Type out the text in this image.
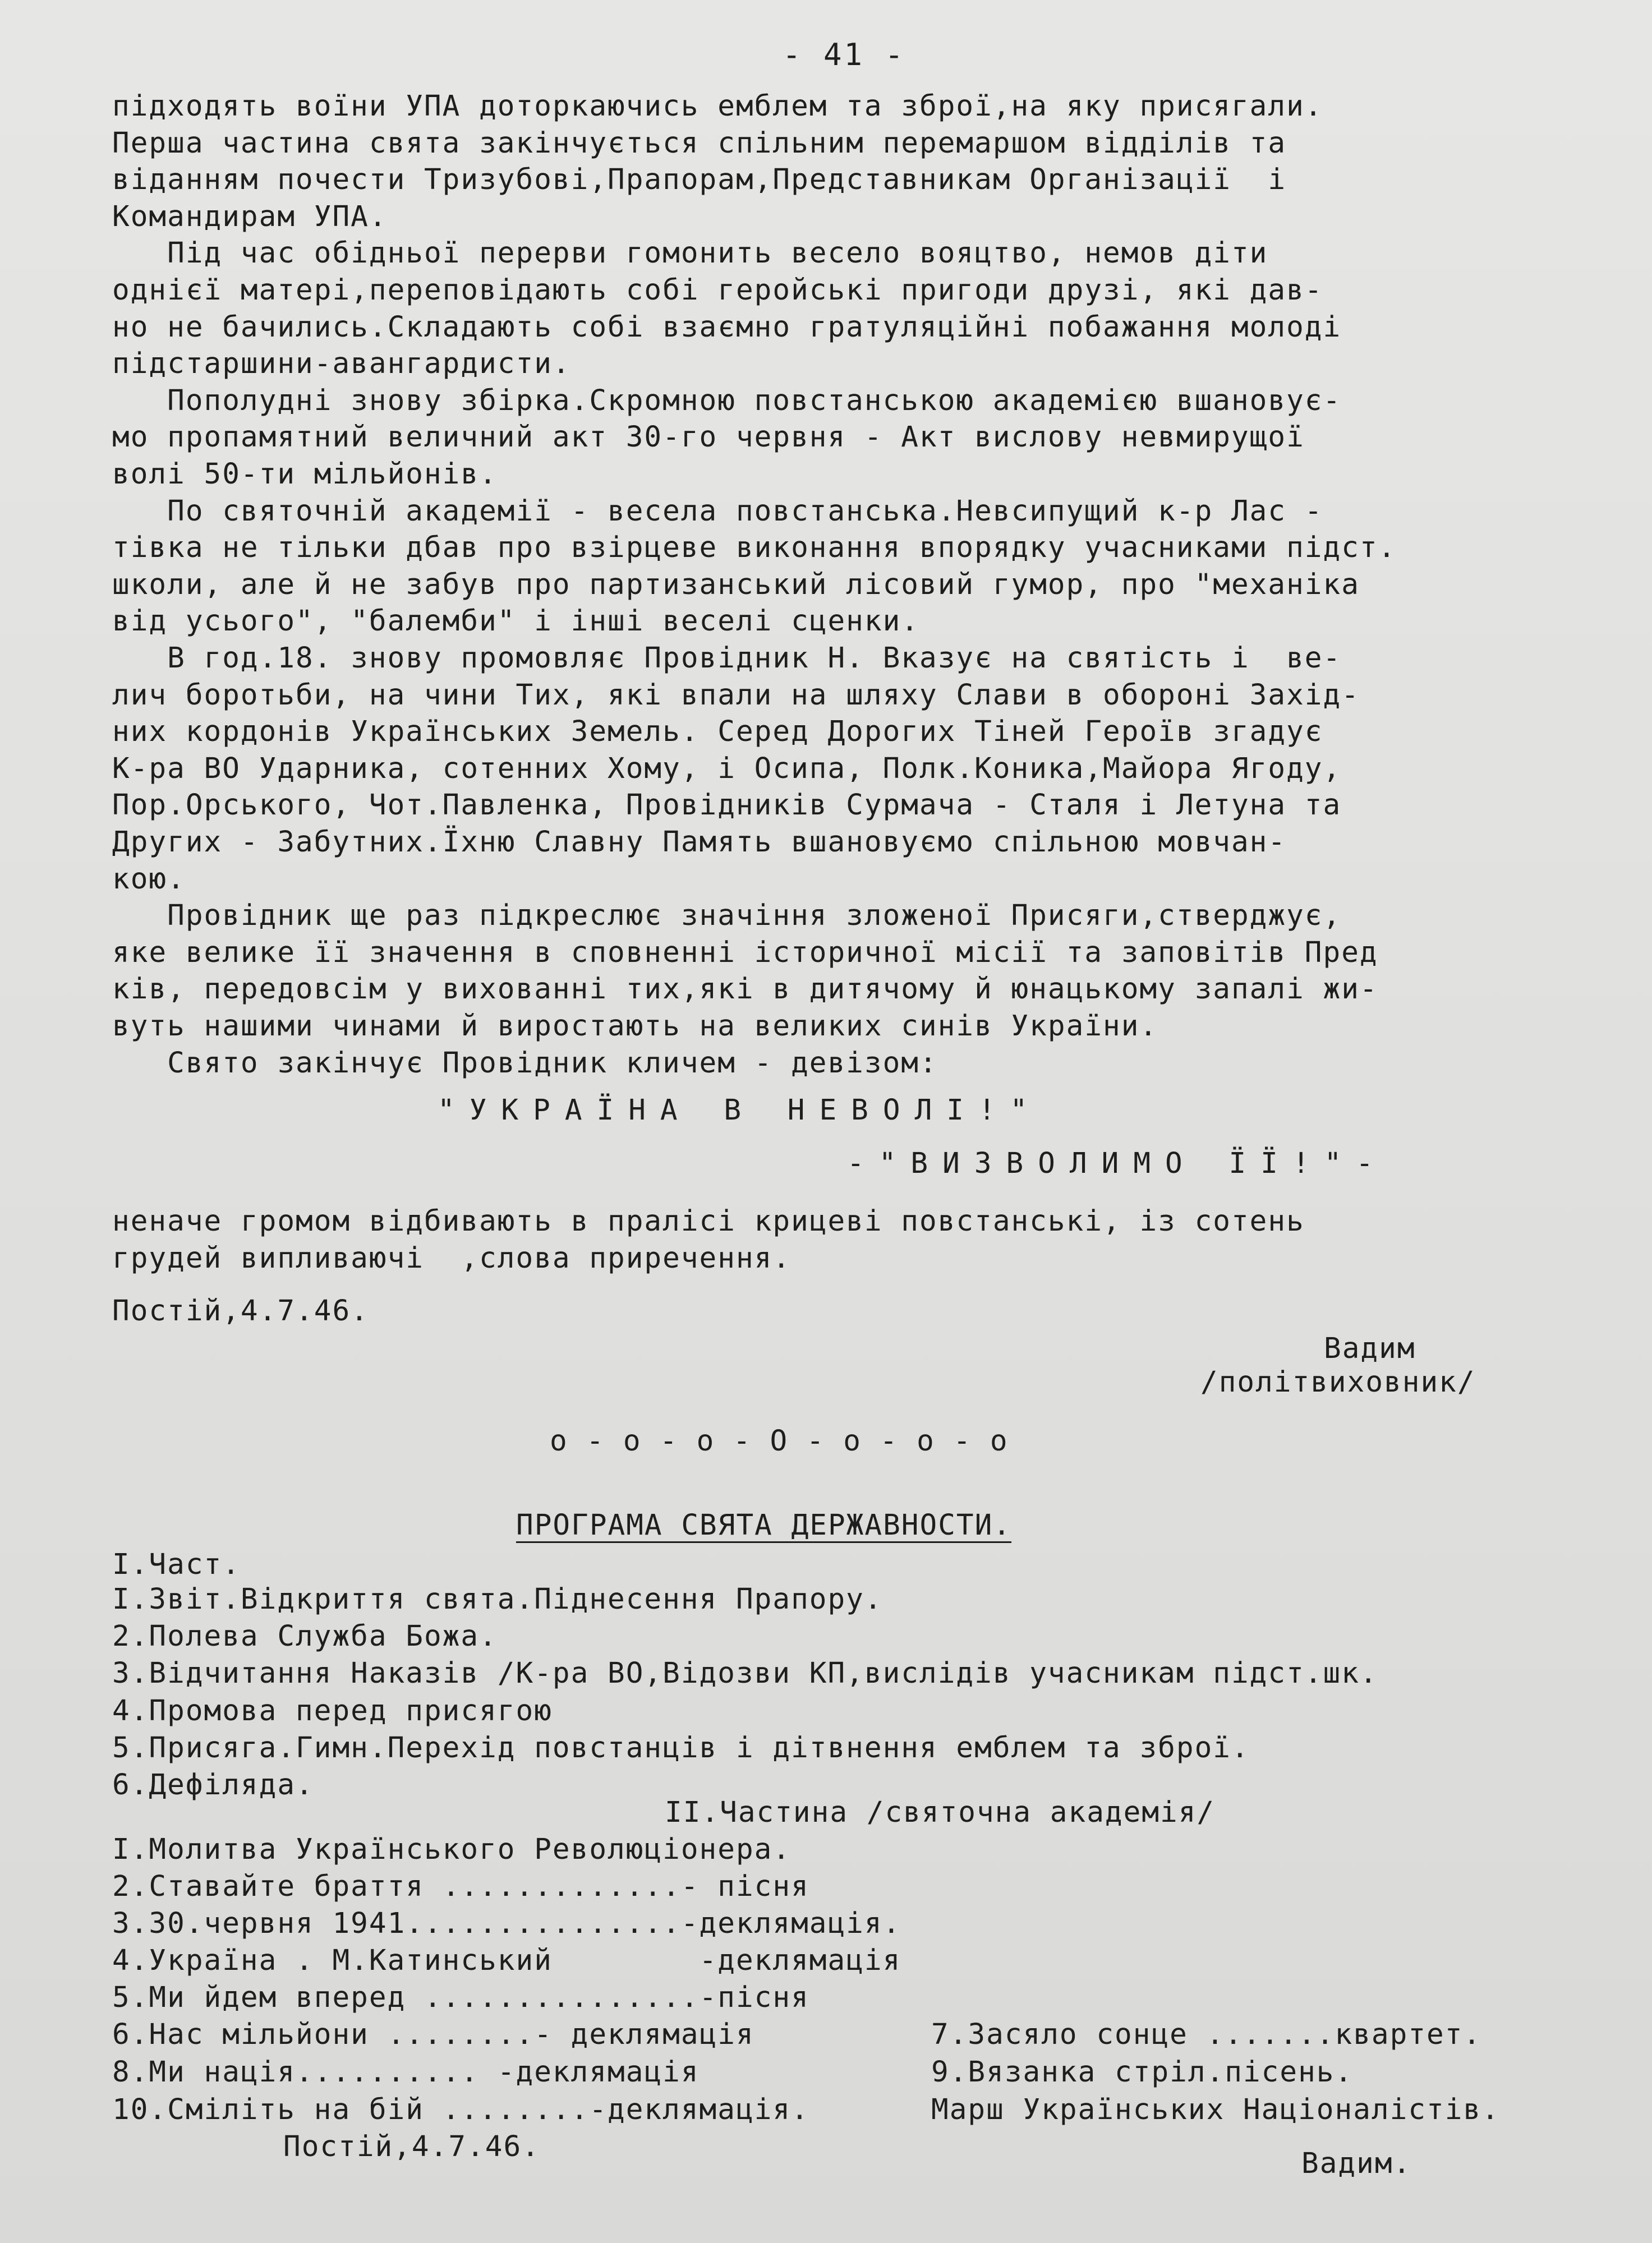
- 41 -

підходять воїни УПА доторкаючись емблем та зброї,на яку присягали.

Перша частина свята закінчується спільним перемаршом відділів та

віданням почести Тризубові,Прапорам,Представникам Організації  і

Командирам УПА.

Під час обідньої перерви гомонить весело вояцтво, немов діти

однієї матері,переповідають собі геройські пригоди друзі, які дав-

но не бачились.Складають собі взаємно гратуляційні побажання молоді

підстаршини-авангардисти.

Пополудні знову збірка.Скромною повстанською академією вшановує-

мо пропамятний величний акт 30-го червня - Акт вислову невмирущої

волі 50-ти мільйонів.

По святочній академії - весела повстанська.Невсипущий к-р Лас -

тівка не тільки дбав про взірцеве виконання впорядку учасниками підст.

школи, але й не забув про партизанський лісовий гумор, про "механіка

від усього", "балемби" і інші веселі сценки.

В год.18. знову промовляє Провідник Н. Вказує на святість і  ве-

лич боротьби, на чини Тих, які впали на шляху Слави в обороні Захід-

них кордонів Українських Земель. Серед Дорогих Тіней Героїв згадує

К-ра ВО Ударника, сотенних Хому, і Осипа, Полк.Коника,Майора Ягоду,

Пор.Орського, Чот.Павленка, Провідників Сурмача - Сталя і Летуна та

Других - Забутних.Їхню Славну Память вшановуємо спільною мовчан-

кою.

Провідник ще раз підкреслює значіння зложеної Присяги,стверджує,

яке велике її значення в сповненні історичної місії та заповітів Пред

ків, передовсім у вихованні тих,які в дитячому й юнацькому запалі жи-

вуть нашими чинами й виростають на великих синів України.

Свято закінчує Провідник кличем - девізом:

"УКРАЇНА В НЕВОЛІ!"

-"ВИЗВОЛИМО ЇЇ!"-

неначе громом відбивають в пралісі крицеві повстанські, із сотень

грудей випливаючі  ,слова приречення.

Постій,4.7.46.

Вадим

/політвиховник/

о - о - о - О - о - о - о

ПРОГРАМА СВЯТА ДЕРЖАВНОСТИ.

І.Част.

І.Звіт.Відкриття свята.Піднесення Прапору.

2.Полева Служба Божа.

3.Відчитання Наказів /К-ра ВО,Відозви КП,вислідів учасникам підст.шк.

4.Промова перед присягою

5.Присяга.Гимн.Перехід повстанців і дітвнення емблем та зброї.

6.Дефіляда.

ІІ.Частина /святочна академія/

І.Молитва Українського Революціонера.

2.Ставайте браття .............- пісня

3.30.червня 1941...............-деклямація.

4.Україна . М.Катинський        -деклямація

5.Ми йдем вперед ...............-пісня

6.Нас мільйони ........- деклямація	7.Засяло сонце .......квартет.

8.Ми нація.......... -деклямація	9.Вязанка стріл.пісень.

10.Сміліть на бій ........-деклямація.	Марш Українських Націоналістів.

Постій,4.7.46.

Вадим.
